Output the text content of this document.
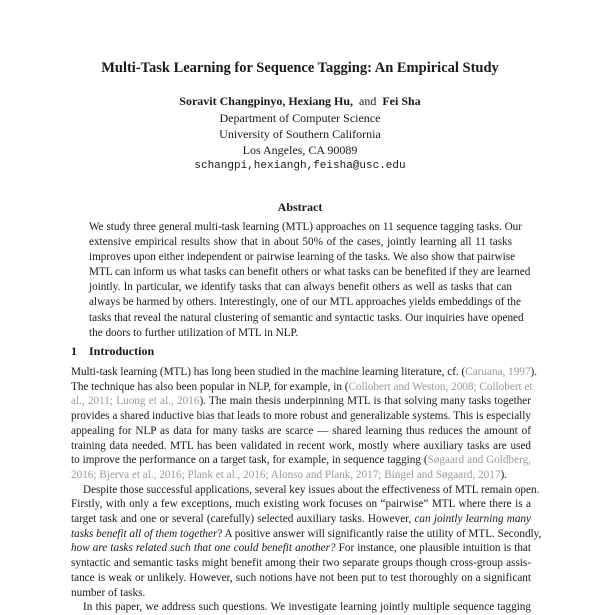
Multi-Task Learning for Sequence Tagging: An Empirical Study
Soravit Changpinyo, Hexiang Hu, and Fei Sha
Department of Computer Science
University of Southern California
Los Angeles, CA 90089
schangpi,hexiangh,feisha@usc.edu
Abstract
We study three general multi-task learning (MTL) approaches on 11 sequence tagging tasks. Our
extensive empirical results show that in about 50% of the cases, jointly learning all 11 tasks
improves upon either independent or pairwise learning of the tasks. We also show that pairwise
MTL can inform us what tasks can benefit others or what tasks can be benefited if they are learned
jointly. In particular, we identify tasks that can always benefit others as well as tasks that can
always be harmed by others. Interestingly, one of our MTL approaches yields embeddings of the
tasks that reveal the natural clustering of semantic and syntactic tasks. Our inquiries have opened
the doors to further utilization of MTL in NLP.
1 Introduction
Multi-task learning (MTL) has long been studied in the machine learning literature, cf. (Caruana, 1997).
The technique has also been popular in NLP, for example, in (Collobert and Weston, 2008; Collobert et
al., 2011; Luong et al., 2016). The main thesis underpinning MTL is that solving many tasks together
provides a shared inductive bias that leads to more robust and generalizable systems. This is especially
appealing for NLP as data for many tasks are scarce — shared learning thus reduces the amount of
training data needed. MTL has been validated in recent work, mostly where auxiliary tasks are used
to improve the performance on a target task, for example, in sequence tagging (Søgaard and Goldberg,
2016; Bjerva et al., 2016; Plank et al., 2016; Alonso and Plank, 2017; Bingel and Søgaard, 2017).
Despite those successful applications, several key issues about the effectiveness of MTL remain open.
Firstly, with only a few exceptions, much existing work focuses on “pairwise” MTL where there is a
target task and one or several (carefully) selected auxiliary tasks. However, can jointly learning many
tasks benefit all of them together? A positive answer will significantly raise the utility of MTL. Secondly,
how are tasks related such that one could benefit another? For instance, one plausible intuition is that
syntactic and semantic tasks might benefit among their two separate groups though cross-group assis-
tance is weak or unlikely. However, such notions have not been put to test thoroughly on a significant
number of tasks.
In this paper, we address such questions. We investigate learning jointly multiple sequence tagging
